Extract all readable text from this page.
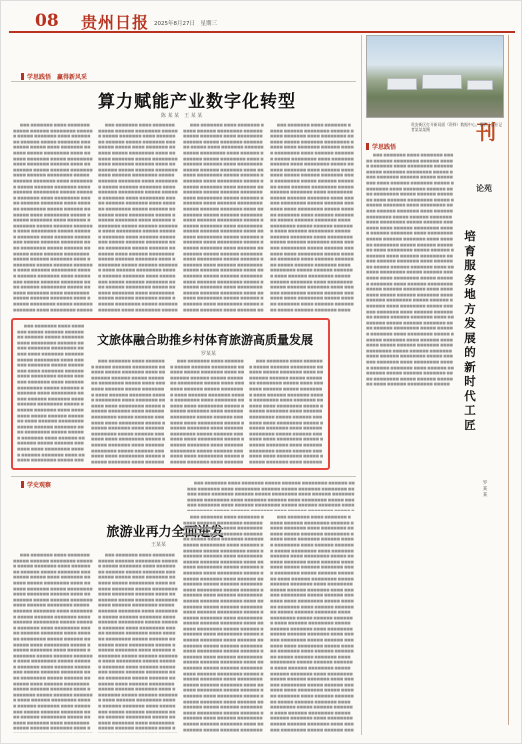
08 贵州日报 2025年8月27日　星期三
刊
学思践悟　赢得新风采
算力赋能产业数字化转型
陈 某 某　王 某 某
　　■■■ ■■■■■■■ ■■■■ ■■■■■■■ ■■■■■ ■■■■■■ ■■■■■■■■ ■■■■■■ ■■■■■ ■■■■■■■ ■■■■ ■■■■■■■■ ■■■■■■ ■■■■■ ■■■■■■■ ■■■■■■■■ ■■■■■ ■■■■ ■■■■■■■ ■■■■■■ ■■■■■ ■■■■■■■■ ■■■■ ■■■■■■ ■■■■■■■ ■■■■■ ■■■■■■■■ ■■■■ ■■■■■■■ ■■■■■■ ■■■■ ■■■■■■■■ ■■■■■ ■■■■■■ ■■■■■■■ ■■■■ ■■■■■■ ■■■■■■■■ ■■■■■ ■■■■■■ ■■■■■■■ ■■■■ ■■■■■■■■ ■■■■■ ■■■■■■ ■■■■■■■ ■■■■ ■■■■■■ ■■■■■■■■ ■■■■■ ■■■■■■ ■■■■■■■ ■■■■ ■■■■■■■■ ■■■■■ ■■■■■■ ■■■■■■■ ■■■■ ■■■■■■ ■■■■■■■■ ■■■■■ ■■■■■■ ■■■■■■■ ■■■■ ■■■■■■■■ ■■■■■ ■■■■■■ ■■■■■■■ ■■■■ ■■■■■■ ■■■■■■■■ ■■■■■ ■■■■■■ ■■■■■■■ ■■■■ ■■■■■■■■ ■■■■■ ■■■■■■ ■■■■■■■ ■■■■ ■■■■■■ ■■■■■■■■ ■■■■■ ■■■■■■ ■■■■■■■ ■■■■ ■■■■■■■■ ■■■■■ ■■■■■■ ■■■■■■■ ■■■■ ■■■■■■ ■■■■■■■■ ■■■■■ ■■■■■■ ■■■■■■■ ■■■■ ■■■■■■■■ ■■■■■ ■■■■■■ ■■■■■■■ ■■■■ ■■■■■■ ■■■■■■■■ ■■■■■ ■■■■■■ ■■■■■■■ ■■■■ ■■■■■■■■ ■■■■■ ■■■■■■ ■■■■■■■ ■■■■ ■■■■■■ ■■■■■■■■ ■■■■■ ■■■■■■ ■■■■■■■ ■■■■ ■■■■■■■■ ■■■■■ ■■■■■■ ■■■■■■■ ■■■■ ■■■■■■ ■■■■■■■■ ■■■■■ ■■■■■■ ■■■■■■■ ■■■■ ■■■■■■■■ ■■■■■ ■■■■■■ ■■■■■■■ ■■■■ ■■■■■■ ■■■■■■■■ ■■■■■ ■■■■■■ ■■■■■■■ ■■■■ ■■■■■■■■ ■■■■■ ■■■■■■ ■■■■■■■ ■■■■ ■■■■■■ ■■■■■■■■ ■■■■■ ■■■■■■ ■■■■■■■ ■■■■ ■■■■■■■■ ■■■■■ ■■■■■■ ■■■■■■■ ■■■■ ■■■■■■ ■■■■■■■■ ■■■■■ ■■■■■■ ■■■■■■■ ■■■■ ■■■■■■■■ ■■■■■ ■■■■■■ ■■■■■■■ ■■■■ ■■■■■■ ■■■■■■■■ ■■■■■ ■■■■■■ ■■■■■■■ ■■■■ ■■■■■■■■ ■■■■■ ■■■■■■ ■■■■■■■ ■■■■ ■■■■■■ ■■■■■■■■ ■■■■■
　　■■■ ■■■■■■■ ■■■■ ■■■■■■■ ■■■■■ ■■■■■■ ■■■■■■■■ ■■■■■■ ■■■■■ ■■■■■■■ ■■■■ ■■■■■■■■ ■■■■■■ ■■■■■ ■■■■■■■ ■■■■■■■■ ■■■■■ ■■■■ ■■■■■■■ ■■■■■■ ■■■■■ ■■■■■■■■ ■■■■ ■■■■■■ ■■■■■■■ ■■■■■ ■■■■■■■■ ■■■■ ■■■■■■■ ■■■■■■ ■■■■ ■■■■■■■■ ■■■■■ ■■■■■■ ■■■■■■■ ■■■■ ■■■■■■ ■■■■■■■■ ■■■■■ ■■■■■■ ■■■■■■■ ■■■■ ■■■■■■■■ ■■■■■ ■■■■■■ ■■■■■■■ ■■■■ ■■■■■■ ■■■■■■■■ ■■■■■ ■■■■■■ ■■■■■■■ ■■■■ ■■■■■■■■ ■■■■■ ■■■■■■ ■■■■■■■ ■■■■ ■■■■■■ ■■■■■■■■ ■■■■■ ■■■■■■ ■■■■■■■ ■■■■ ■■■■■■■■ ■■■■■ ■■■■■■ ■■■■■■■ ■■■■ ■■■■■■ ■■■■■■■■ ■■■■■ ■■■■■■ ■■■■■■■ ■■■■ ■■■■■■■■ ■■■■■ ■■■■■■ ■■■■■■■ ■■■■ ■■■■■■ ■■■■■■■■ ■■■■■ ■■■■■■ ■■■■■■■ ■■■■ ■■■■■■■■ ■■■■■ ■■■■■■ ■■■■■■■ ■■■■ ■■■■■■ ■■■■■■■■ ■■■■■ ■■■■■■ ■■■■■■■ ■■■■ ■■■■■■■■ ■■■■■ ■■■■■■ ■■■■■■■ ■■■■ ■■■■■■ ■■■■■■■■ ■■■■■ ■■■■■■ ■■■■■■■ ■■■■ ■■■■■■■■ ■■■■■ ■■■■■■ ■■■■■■■ ■■■■ ■■■■■■ ■■■■■■■■ ■■■■■ ■■■■■■ ■■■■■■■ ■■■■ ■■■■■■■■ ■■■■■ ■■■■■■ ■■■■■■■ ■■■■ ■■■■■■ ■■■■■■■■ ■■■■■ ■■■■■■ ■■■■■■■ ■■■■ ■■■■■■■■ ■■■■■ ■■■■■■ ■■■■■■■ ■■■■ ■■■■■■ ■■■■■■■■ ■■■■■ ■■■■■■ ■■■■■■■ ■■■■ ■■■■■■■■ ■■■■■ ■■■■■■ ■■■■■■■ ■■■■ ■■■■■■ ■■■■■■■■ ■■■■■ ■■■■■■ ■■■■■■■ ■■■■ ■■■■■■■■ ■■■■■ ■■■■■■ ■■■■■■■ ■■■■ ■■■■■■ ■■■■■■■■ ■■■■■ ■■■■■■ ■■■■■■■ ■■■■ ■■■■■■■■ ■■■■■ ■■■■■■ ■■■■■■■ ■■■■ ■■■■■■ ■■■■■■■■ ■■■■■ ■■■■■■ ■■■■■■■ ■■■■ ■■■■■■■■ ■■■■■ ■■■■■■ ■■■■■■■ ■■■■ ■■■■■■ ■■■■■■■■ ■■■■■
　　■■■ ■■■■■■■ ■■■■ ■■■■■■■ ■■■■■ ■■■■■■ ■■■■■■■■ ■■■■■■ ■■■■■ ■■■■■■■ ■■■■ ■■■■■■■■ ■■■■■■ ■■■■■ ■■■■■■■ ■■■■■■■■ ■■■■■ ■■■■ ■■■■■■■ ■■■■■■ ■■■■■ ■■■■■■■■ ■■■■ ■■■■■■ ■■■■■■■ ■■■■■ ■■■■■■■■ ■■■■ ■■■■■■■ ■■■■■■ ■■■■ ■■■■■■■■ ■■■■■ ■■■■■■ ■■■■■■■ ■■■■ ■■■■■■ ■■■■■■■■ ■■■■■ ■■■■■■ ■■■■■■■ ■■■■ ■■■■■■■■ ■■■■■ ■■■■■■ ■■■■■■■ ■■■■ ■■■■■■ ■■■■■■■■ ■■■■■ ■■■■■■ ■■■■■■■ ■■■■ ■■■■■■■■ ■■■■■ ■■■■■■ ■■■■■■■ ■■■■ ■■■■■■ ■■■■■■■■ ■■■■■ ■■■■■■ ■■■■■■■ ■■■■ ■■■■■■■■ ■■■■■ ■■■■■■ ■■■■■■■ ■■■■ ■■■■■■ ■■■■■■■■ ■■■■■ ■■■■■■ ■■■■■■■ ■■■■ ■■■■■■■■ ■■■■■ ■■■■■■ ■■■■■■■ ■■■■ ■■■■■■ ■■■■■■■■ ■■■■■ ■■■■■■ ■■■■■■■ ■■■■ ■■■■■■■■ ■■■■■ ■■■■■■ ■■■■■■■ ■■■■ ■■■■■■ ■■■■■■■■ ■■■■■ ■■■■■■ ■■■■■■■ ■■■■ ■■■■■■■■ ■■■■■ ■■■■■■ ■■■■■■■ ■■■■ ■■■■■■ ■■■■■■■■ ■■■■■ ■■■■■■ ■■■■■■■ ■■■■ ■■■■■■■■ ■■■■■ ■■■■■■ ■■■■■■■ ■■■■ ■■■■■■ ■■■■■■■■ ■■■■■ ■■■■■■ ■■■■■■■ ■■■■ ■■■■■■■■ ■■■■■ ■■■■■■ ■■■■■■■ ■■■■ ■■■■■■ ■■■■■■■■ ■■■■■ ■■■■■■ ■■■■■■■ ■■■■ ■■■■■■■■ ■■■■■ ■■■■■■ ■■■■■■■ ■■■■ ■■■■■■ ■■■■■■■■ ■■■■■ ■■■■■■ ■■■■■■■ ■■■■ ■■■■■■■■ ■■■■■ ■■■■■■ ■■■■■■■ ■■■■ ■■■■■■ ■■■■■■■■ ■■■■■ ■■■■■■ ■■■■■■■ ■■■■ ■■■■■■■■ ■■■■■ ■■■■■■ ■■■■■■■ ■■■■ ■■■■■■ ■■■■■■■■ ■■■■■ ■■■■■■ ■■■■■■■ ■■■■ ■■■■■■■■ ■■■■■ ■■■■■■ ■■■■■■■ ■■■■ ■■■■■■ ■■■■■■■■ ■■■■■ ■■■■■■ ■■■■■■■ ■■■■ ■■■■■■■■ ■■■■■ ■■■■■■ ■■■■■■■ ■■■■ ■■■■■■ ■■■■■■■■ ■■■■■
　　■■■ ■■■■■■■ ■■■■ ■■■■■■■ ■■■■■ ■■■■■■ ■■■■■■■■ ■■■■■■ ■■■■■ ■■■■■■■ ■■■■ ■■■■■■■■ ■■■■■■ ■■■■■ ■■■■■■■ ■■■■■■■■ ■■■■■ ■■■■ ■■■■■■■ ■■■■■■ ■■■■■ ■■■■■■■■ ■■■■ ■■■■■■ ■■■■■■■ ■■■■■ ■■■■■■■■ ■■■■ ■■■■■■■ ■■■■■■ ■■■■ ■■■■■■■■ ■■■■■ ■■■■■■ ■■■■■■■ ■■■■ ■■■■■■ ■■■■■■■■ ■■■■■ ■■■■■■ ■■■■■■■ ■■■■ ■■■■■■■■ ■■■■■ ■■■■■■ ■■■■■■■ ■■■■ ■■■■■■ ■■■■■■■■ ■■■■■ ■■■■■■ ■■■■■■■ ■■■■ ■■■■■■■■ ■■■■■ ■■■■■■ ■■■■■■■ ■■■■ ■■■■■■ ■■■■■■■■ ■■■■■ ■■■■■■ ■■■■■■■ ■■■■ ■■■■■■■■ ■■■■■ ■■■■■■ ■■■■■■■ ■■■■ ■■■■■■ ■■■■■■■■ ■■■■■ ■■■■■■ ■■■■■■■ ■■■■ ■■■■■■■■ ■■■■■ ■■■■■■ ■■■■■■■ ■■■■ ■■■■■■ ■■■■■■■■ ■■■■■ ■■■■■■ ■■■■■■■ ■■■■ ■■■■■■■■ ■■■■■ ■■■■■■ ■■■■■■■ ■■■■ ■■■■■■ ■■■■■■■■ ■■■■■ ■■■■■■ ■■■■■■■ ■■■■ ■■■■■■■■ ■■■■■ ■■■■■■ ■■■■■■■ ■■■■ ■■■■■■ ■■■■■■■■ ■■■■■ ■■■■■■ ■■■■■■■ ■■■■ ■■■■■■■■ ■■■■■ ■■■■■■ ■■■■■■■ ■■■■ ■■■■■■ ■■■■■■■■ ■■■■■ ■■■■■■ ■■■■■■■ ■■■■ ■■■■■■■■ ■■■■■ ■■■■■■ ■■■■■■■ ■■■■ ■■■■■■ ■■■■■■■■ ■■■■■ ■■■■■■ ■■■■■■■ ■■■■ ■■■■■■■■ ■■■■■ ■■■■■■ ■■■■■■■ ■■■■ ■■■■■■ ■■■■■■■■ ■■■■■ ■■■■■■ ■■■■■■■ ■■■■ ■■■■■■■■ ■■■■■ ■■■■■■ ■■■■■■■ ■■■■ ■■■■■■ ■■■■■■■■ ■■■■■ ■■■■■■ ■■■■■■■ ■■■■ ■■■■■■■■ ■■■■■ ■■■■■■ ■■■■■■■ ■■■■ ■■■■■■ ■■■■■■■■ ■■■■■ ■■■■■■ ■■■■■■■ ■■■■ ■■■■■■■■ ■■■■■ ■■■■■■ ■■■■■■■ ■■■■ ■■■■■■ ■■■■■■■■ ■■■■■ ■■■■■■ ■■■■■■■ ■■■■ ■■■■■■■■ ■■■■■ ■■■■■■ ■■■■■■■ ■■■■ ■■■■■■ ■■■■■■■■ ■■■■■
贵安新区打开新局面（资料）数据中心。摄影日报社记者某某某摄
学思践悟
　　■■■ ■■■■■■■ ■■■■ ■■■■■■■ ■■■■■ ■■■■■■ ■■■■■■■■ ■■■■■■ ■■■■■ ■■■■■■■ ■■■■ ■■■■■■■■ ■■■■■■ ■■■■■ ■■■■■■■ ■■■■■■■■ ■■■■■ ■■■■ ■■■■■■■ ■■■■■■ ■■■■■ ■■■■■■■■ ■■■■ ■■■■■■ ■■■■■■■ ■■■■■ ■■■■■■■■ ■■■■ ■■■■■■■ ■■■■■■ ■■■■ ■■■■■■■■ ■■■■■ ■■■■■■ ■■■■■■■ ■■■■ ■■■■■■ ■■■■■■■■ ■■■■■ ■■■■■■ ■■■■■■■ ■■■■ ■■■■■■■■ ■■■■■ ■■■■■■ ■■■■■■■ ■■■■ ■■■■■■ ■■■■■■■■ ■■■■■ ■■■■■■ ■■■■■■■ ■■■■ ■■■■■■■■ ■■■■■ ■■■■■■ ■■■■■■■ ■■■■ ■■■■■■ ■■■■■■■■ ■■■■■ ■■■■■■ ■■■■■■■ ■■■■ ■■■■■■■■ ■■■■■ ■■■■■■ ■■■■■■■ ■■■■ ■■■■■■ ■■■■■■■■ ■■■■■ ■■■■■■ ■■■■■■■ ■■■■ ■■■■■■■■ ■■■■■ ■■■■■■ ■■■■■■■ ■■■■ ■■■■■■ ■■■■■■■■ ■■■■■ ■■■■■■ ■■■■■■■ ■■■■ ■■■■■■■■ ■■■■■ ■■■■■■ ■■■■■■■ ■■■■ ■■■■■■ ■■■■■■■■ ■■■■■ ■■■■■■ ■■■■■■■ ■■■■ ■■■■■■■■ ■■■■■ ■■■■■■ ■■■■■■■ ■■■■ ■■■■■■ ■■■■■■■■ ■■■■■ ■■■■■■ ■■■■■■■ ■■■■ ■■■■■■■■ ■■■■■ ■■■■■■ ■■■■■■■ ■■■■ ■■■■■■ ■■■■■■■■ ■■■■■ ■■■■■■ ■■■■■■■ ■■■■ ■■■■■■■■ ■■■■■ ■■■■■■ ■■■■■■■ ■■■■ ■■■■■■ ■■■■■■■■ ■■■■■ ■■■■■■ ■■■■■■■ ■■■■ ■■■■■■■■ ■■■■■ ■■■■■■ ■■■■■■■ ■■■■ ■■■■■■ ■■■■■■■■ ■■■■■ ■■■■■■ ■■■■■■■ ■■■■ ■■■■■■■■ ■■■■■ ■■■■■■ ■■■■■■■ ■■■■ ■■■■■■ ■■■■■■■■ ■■■■■ ■■■■■■ ■■■■■■■ ■■■■ ■■■■■■■■ ■■■■■ ■■■■■■ ■■■■■■■ ■■■■ ■■■■■■ ■■■■■■■■ ■■■■■ ■■■■■■ ■■■■■■■ ■■■■ ■■■■■■■■ ■■■■■ ■■■■■■ ■■■■■■■ ■■■■ ■■■■■■ ■■■■■■■■ ■■■■■ ■■■■■■ ■■■■■■■ ■■■■ ■■■■■■■■ ■■■■■ ■■■■■■ ■■■■■■■ ■■■■ ■■■■■■ ■■■■■■■■ ■■■■■
论苑
培
育
服
务
地
方
发
展
的
新
时
代
工
匠
罗
某
某
　　■■■ ■■■■■■■ ■■■■ ■■■■■■■ ■■■■■ ■■■■■■ ■■■■■■■■ ■■■■■■ ■■■■■ ■■■■■■■ ■■■■ ■■■■■■■■ ■■■■■■ ■■■■■ ■■■■■■■ ■■■■■■■■ ■■■■■ ■■■■ ■■■■■■■ ■■■■■■ ■■■■■ ■■■■■■■■ ■■■■ ■■■■■■ ■■■■■■■ ■■■■■ ■■■■■■■■ ■■■■ ■■■■■■■ ■■■■■■ ■■■■ ■■■■■■■■ ■■■■■ ■■■■■■ ■■■■■■■ ■■■■ ■■■■■■ ■■■■■■■■ ■■■■■ ■■■■■■ ■■■■■■■ ■■■■ ■■■■■■■■ ■■■■■ ■■■■■■ ■■■■■■■ ■■■■ ■■■■■■ ■■■■■■■■ ■■■■■ ■■■■■■ ■■■■■■■ ■■■■ ■■■■■■■■ ■■■■■ ■■■■■■ ■■■■■■■ ■■■■ ■■■■■■ ■■■■■■■■ ■■■■■ ■■■■■■ ■■■■■■■ ■■■■ ■■■■■■■■ ■■■■■ ■■■■■■ ■■■■■■■ ■■■■ ■■■■■■ ■■■■■■■■ ■■■■■ ■■■■■■ ■■■■■■■ ■■■■ ■■■■■■■■ ■■■■■ ■■■■■■ ■■■■■■■ ■■■■ ■■■■■■ ■■■■■■■■ ■■■■■ ■■■■■■ ■■■■■■■ ■■■■ ■■■■■■■■ ■■■■■ ■■■■■■ ■■■■■■■ ■■■■ ■■■■■■ ■■■■■■■■ ■■■■■ ■■■■■■ ■■■■■■■ ■■■■ ■■■■■■■■ ■■■■■ ■■■■■■ ■■■■■■■ ■■■■ ■■■■■■ ■■■■■■■■ ■■■■■ ■■■■■■ ■■■■■■■ ■■■■ ■■■■■■■■ ■■■■■ ■■■■■■ ■■■■■■■ ■■■■ ■■■■■■ ■■■■■■■■ ■■■■■ ■■■■■■ ■■■■■■■ ■■■■ ■■■■■■■■ ■■■■■ ■■■■■■ ■■■■■■■ ■■■■ ■■■■■■ ■■■■■■■■ ■■■■■ ■■■■■■ ■■■■■■■ ■■■■ ■■■■■■■■ ■■■■■ ■■■■■■ ■■■■■■■ ■■■■ ■■■■■■ ■■■■■■■■ ■■■■■ ■■■■■■ ■■■■■■■ ■■■■ ■■■■■■■■ ■■■■■ ■■■■■■ ■■■■■■■ ■■■■ ■■■■■■ ■■■■■■■■ ■■■■■ ■■■■■■ ■■■■■■■ ■■■■ ■■■■■■■■ ■■■■■ ■■■■■■ ■■■■■■■ ■■■■ ■■■■■■ ■■■■■■■■ ■■■■■ ■■■■■■ ■■■■■■■ ■■■■ ■■■■■■■■ ■■■■■ ■■■■■■ ■■■■■■■ ■■■■ ■■■■■■ ■■■■■■■■ ■■■■■ ■■■■■■ ■■■■■■■ ■■■■ ■■■■■■■■ ■■■■■ ■■■■■■ ■■■■■■■ ■■■■ ■■■■■■ ■■■■■■■■ ■■■■■
文旅体融合助推乡村体育旅游高质量发展
罗某某
　　■■■ ■■■■■■■ ■■■■ ■■■■■■■ ■■■■■ ■■■■■■ ■■■■■■■■ ■■■■■■ ■■■■■ ■■■■■■■ ■■■■ ■■■■■■■■ ■■■■■■ ■■■■■ ■■■■■■■ ■■■■■■■■ ■■■■■ ■■■■ ■■■■■■■ ■■■■■■ ■■■■■ ■■■■■■■■ ■■■■ ■■■■■■ ■■■■■■■ ■■■■■ ■■■■■■■■ ■■■■ ■■■■■■■ ■■■■■■ ■■■■ ■■■■■■■■ ■■■■■ ■■■■■■ ■■■■■■■ ■■■■ ■■■■■■ ■■■■■■■■ ■■■■■ ■■■■■■ ■■■■■■■ ■■■■ ■■■■■■■■ ■■■■■ ■■■■■■ ■■■■■■■ ■■■■ ■■■■■■ ■■■■■■■■ ■■■■■ ■■■■■■ ■■■■■■■ ■■■■ ■■■■■■■■ ■■■■■ ■■■■■■ ■■■■■■■ ■■■■ ■■■■■■ ■■■■■■■■ ■■■■■ ■■■■■■ ■■■■■■■ ■■■■ ■■■■■■■■ ■■■■■ ■■■■■■ ■■■■■■■ ■■■■ ■■■■■■ ■■■■■■■■ ■■■■■ ■■■■■■ ■■■■■■■ ■■■■ ■■■■■■■■ ■■■■■ ■■■■■■ ■■■■■■■ ■■■■ ■■■■■■ ■■■■■■■■ ■■■■■ ■■■■■■ ■■■■■■■ ■■■■ ■■■■■■■■ ■■■■■ ■■■■■■ ■■■■■■■ ■■■■ ■■■■■■ ■■■■■■■■ ■■■■■ ■■■■■■ ■■■■■■■ ■■■■ ■■■■■■■■ ■■■■■ ■■■■■■ ■■■■■■■ ■■■■ ■■■■■■ ■■■■■■■■ ■■■■■ ■■■■■■ ■■■■■■■ ■■■■ ■■■■■■■■ ■■■■■ ■■■■■■ ■■■■■■■ ■■■■ ■■■■■■ ■■■■■■■■ ■■■■■ ■■■■■■ ■■■■■■■ ■■■■ ■■■■■■■■ ■■■■■ ■■■■■■ ■■■■■■■ ■■■■ ■■■■■■ ■■■■■■■■ ■■■■■ ■■■■■■ ■■■■■■■ ■■■■ ■■■■■■■■ ■■■■■ ■■■■■■ ■■■■■■■ ■■■■ ■■■■■■ ■■■■■■■■ ■■■■■ ■■■■■■ ■■■■■■■ ■■■■ ■■■■■■■■ ■■■■■ ■■■■■■ ■■■■■■■ ■■■■ ■■■■■■ ■■■■■■■■ ■■■■■ ■■■■■■ ■■■■■■■ ■■■■ ■■■■■■■■ ■■■■■ ■■■■■■ ■■■■■■■ ■■■■ ■■■■■■ ■■■■■■■■ ■■■■■ ■■■■■■ ■■■■■■■ ■■■■ ■■■■■■■■ ■■■■■ ■■■■■■ ■■■■■■■ ■■■■ ■■■■■■ ■■■■■■■■ ■■■■■ ■■■■■■ ■■■■■■■ ■■■■ ■■■■■■■■ ■■■■■ ■■■■■■ ■■■■■■■ ■■■■ ■■■■■■ ■■■■■■■■ ■■■■■
　　■■■ ■■■■■■■ ■■■■ ■■■■■■■ ■■■■■ ■■■■■■ ■■■■■■■■ ■■■■■■ ■■■■■ ■■■■■■■ ■■■■ ■■■■■■■■ ■■■■■■ ■■■■■ ■■■■■■■ ■■■■■■■■ ■■■■■ ■■■■ ■■■■■■■ ■■■■■■ ■■■■■ ■■■■■■■■ ■■■■ ■■■■■■ ■■■■■■■ ■■■■■ ■■■■■■■■ ■■■■ ■■■■■■■ ■■■■■■ ■■■■ ■■■■■■■■ ■■■■■ ■■■■■■ ■■■■■■■ ■■■■ ■■■■■■ ■■■■■■■■ ■■■■■ ■■■■■■ ■■■■■■■ ■■■■ ■■■■■■■■ ■■■■■ ■■■■■■ ■■■■■■■ ■■■■ ■■■■■■ ■■■■■■■■ ■■■■■ ■■■■■■ ■■■■■■■ ■■■■ ■■■■■■■■ ■■■■■ ■■■■■■ ■■■■■■■ ■■■■ ■■■■■■ ■■■■■■■■ ■■■■■ ■■■■■■ ■■■■■■■ ■■■■ ■■■■■■■■ ■■■■■ ■■■■■■ ■■■■■■■ ■■■■ ■■■■■■ ■■■■■■■■ ■■■■■ ■■■■■■ ■■■■■■■ ■■■■ ■■■■■■■■ ■■■■■ ■■■■■■ ■■■■■■■ ■■■■ ■■■■■■ ■■■■■■■■ ■■■■■ ■■■■■■ ■■■■■■■ ■■■■ ■■■■■■■■ ■■■■■ ■■■■■■ ■■■■■■■ ■■■■ ■■■■■■ ■■■■■■■■ ■■■■■ ■■■■■■ ■■■■■■■ ■■■■ ■■■■■■■■ ■■■■■ ■■■■■■ ■■■■■■■ ■■■■ ■■■■■■ ■■■■■■■■ ■■■■■ ■■■■■■ ■■■■■■■ ■■■■ ■■■■■■■■ ■■■■■ ■■■■■■ ■■■■■■■ ■■■■ ■■■■■■ ■■■■■■■■ ■■■■■ ■■■■■■ ■■■■■■■ ■■■■ ■■■■■■■■ ■■■■■ ■■■■■■ ■■■■■■■ ■■■■ ■■■■■■ ■■■■■■■■ ■■■■■ ■■■■■■ ■■■■■■■ ■■■■ ■■■■■■■■ ■■■■■ ■■■■■■ ■■■■■■■ ■■■■ ■■■■■■ ■■■■■■■■ ■■■■■ ■■■■■■ ■■■■■■■ ■■■■ ■■■■■■■■ ■■■■■ ■■■■■■ ■■■■■■■ ■■■■ ■■■■■■ ■■■■■■■■ ■■■■■ ■■■■■■ ■■■■■■■ ■■■■ ■■■■■■■■ ■■■■■ ■■■■■■ ■■■■■■■ ■■■■ ■■■■■■ ■■■■■■■■ ■■■■■ ■■■■■■ ■■■■■■■ ■■■■ ■■■■■■■■ ■■■■■ ■■■■■■ ■■■■■■■ ■■■■ ■■■■■■ ■■■■■■■■ ■■■■■ ■■■■■■ ■■■■■■■ ■■■■ ■■■■■■■■ ■■■■■ ■■■■■■ ■■■■■■■ ■■■■ ■■■■■■ ■■■■■■■■ ■■■■■
　　■■■ ■■■■■■■ ■■■■ ■■■■■■■ ■■■■■ ■■■■■■ ■■■■■■■■ ■■■■■■ ■■■■■ ■■■■■■■ ■■■■ ■■■■■■■■ ■■■■■■ ■■■■■ ■■■■■■■ ■■■■■■■■ ■■■■■ ■■■■ ■■■■■■■ ■■■■■■ ■■■■■ ■■■■■■■■ ■■■■ ■■■■■■ ■■■■■■■ ■■■■■ ■■■■■■■■ ■■■■ ■■■■■■■ ■■■■■■ ■■■■ ■■■■■■■■ ■■■■■ ■■■■■■ ■■■■■■■ ■■■■ ■■■■■■ ■■■■■■■■ ■■■■■ ■■■■■■ ■■■■■■■ ■■■■ ■■■■■■■■ ■■■■■ ■■■■■■ ■■■■■■■ ■■■■ ■■■■■■ ■■■■■■■■ ■■■■■ ■■■■■■ ■■■■■■■ ■■■■ ■■■■■■■■ ■■■■■ ■■■■■■ ■■■■■■■ ■■■■ ■■■■■■ ■■■■■■■■ ■■■■■ ■■■■■■ ■■■■■■■ ■■■■ ■■■■■■■■ ■■■■■ ■■■■■■ ■■■■■■■ ■■■■ ■■■■■■ ■■■■■■■■ ■■■■■ ■■■■■■ ■■■■■■■ ■■■■ ■■■■■■■■ ■■■■■ ■■■■■■ ■■■■■■■ ■■■■ ■■■■■■ ■■■■■■■■ ■■■■■ ■■■■■■ ■■■■■■■ ■■■■ ■■■■■■■■ ■■■■■ ■■■■■■ ■■■■■■■ ■■■■ ■■■■■■ ■■■■■■■■ ■■■■■ ■■■■■■ ■■■■■■■ ■■■■ ■■■■■■■■ ■■■■■ ■■■■■■ ■■■■■■■ ■■■■ ■■■■■■ ■■■■■■■■ ■■■■■ ■■■■■■ ■■■■■■■ ■■■■ ■■■■■■■■ ■■■■■ ■■■■■■ ■■■■■■■ ■■■■ ■■■■■■ ■■■■■■■■ ■■■■■ ■■■■■■ ■■■■■■■ ■■■■ ■■■■■■■■ ■■■■■ ■■■■■■ ■■■■■■■ ■■■■ ■■■■■■ ■■■■■■■■ ■■■■■ ■■■■■■ ■■■■■■■ ■■■■ ■■■■■■■■ ■■■■■ ■■■■■■ ■■■■■■■ ■■■■ ■■■■■■ ■■■■■■■■ ■■■■■ ■■■■■■ ■■■■■■■ ■■■■ ■■■■■■■■ ■■■■■ ■■■■■■ ■■■■■■■ ■■■■ ■■■■■■ ■■■■■■■■ ■■■■■ ■■■■■■ ■■■■■■■ ■■■■ ■■■■■■■■ ■■■■■ ■■■■■■ ■■■■■■■ ■■■■ ■■■■■■ ■■■■■■■■ ■■■■■ ■■■■■■ ■■■■■■■ ■■■■ ■■■■■■■■ ■■■■■ ■■■■■■ ■■■■■■■ ■■■■ ■■■■■■ ■■■■■■■■ ■■■■■ ■■■■■■ ■■■■■■■ ■■■■ ■■■■■■■■ ■■■■■ ■■■■■■ ■■■■■■■ ■■■■ ■■■■■■ ■■■■■■■■ ■■■■■
学史观察
　　■■■ ■■■■■■■ ■■■■ ■■■■■■■ ■■■■■ ■■■■■■ ■■■■■■■■ ■■■■■■ ■■■■■ ■■■■■■■ ■■■■ ■■■■■■■■ ■■■■■■ ■■■■■ ■■■■■■■ ■■■■■■■■ ■■■■■ ■■■■ ■■■■■■■ ■■■■■■ ■■■■■ ■■■■■■■■ ■■■■ ■■■■■■ ■■■■■■■ ■■■■■ ■■■■■■■■ ■■■■ ■■■■■■■ ■■■■■■ ■■■■ ■■■■■■■■ ■■■■■ ■■■■■■ ■■■■■■■ ■■■■ ■■■■■■ ■■■■■■■■ ■■■■■ ■■■■■■ ■■■■■■■ ■■■■ ■■■■■■■■ ■■■■■ ■■■■■■ ■■■■■■■ ■■■■ ■■■■■■ ■■■■■■■■ ■■■■■ ■■■■■■ ■■■■■■■ ■■■■ ■■■■■■■■ ■■■■■ ■■■■■■ ■■■■■■■ ■■■■ ■■■■■■ ■■■■■■■■ ■■■■■ ■■■■■■ ■■■■■■■ ■■■■ ■■■■■■■■ ■■■■■ ■■■■■■ ■■■■■■■ ■■■■ ■■■■■■ ■■■■■■■■ ■■■■■ ■■■■■■ ■■■■■■■ ■■■■ ■■■■■■■■ ■■■■■ ■■■■■■ ■■■■■■■ ■■■■ ■■■■■■ ■■■■■■■■ ■■■■■ ■■■■■■ ■■■■■■■ ■■■■ ■■■■■■■■ ■■■■■ ■■■■■■ ■■■■■■■ ■■■■ ■■■■■■ ■■■■■■■■ ■■■■■ ■■■■■■ ■■■■■■■ ■■■■ ■■■■■■■■ ■■■■■ ■■■■■■ ■■■■■■■ ■■■■ ■■■■■■ ■■■■■■■■ ■■■■■ ■■■■■■ ■■■■■■■ ■■■■ ■■■■■■■■ ■■■■■ ■■■■■■ ■■■■■■■ ■■■■ ■■■■■■ ■■■■■■■■ ■■■■■ ■■■■■■ ■■■■■■■ ■■■■ ■■■■■■■■ ■■■■■ ■■■■■■ ■■■■■■■ ■■■■ ■■■■■■ ■■■■■■■■ ■■■■■ ■■■■■■ ■■■■■■■ ■■■■ ■■■■■■■■ ■■■■■ ■■■■■■ ■■■■■■■ ■■■■ ■■■■■■ ■■■■■■■■ ■■■■■ ■■■■■■ ■■■■■■■ ■■■■ ■■■■■■■■ ■■■■■ ■■■■■■ ■■■■■■■ ■■■■ ■■■■■■ ■■■■■■■■ ■■■■■ ■■■■■■ ■■■■■■■ ■■■■ ■■■■■■■■ ■■■■■ ■■■■■■ ■■■■■■■ ■■■■ ■■■■■■ ■■■■■■■■ ■■■■■ ■■■■■■ ■■■■■■■ ■■■■ ■■■■■■■■ ■■■■■ ■■■■■■ ■■■■■■■ ■■■■ ■■■■■■ ■■■■■■■■ ■■■■■ ■■■■■■ ■■■■■■■ ■■■■ ■■■■■■■■ ■■■■■ ■■■■■■ ■■■■■■■ ■■■■ ■■■■■■ ■■■■■■■■ ■■■■■
旅游业再力全面进发
王某某
　　■■■ ■■■■■■■ ■■■■ ■■■■■■■ ■■■■■ ■■■■■■ ■■■■■■■■ ■■■■■■ ■■■■■ ■■■■■■■ ■■■■ ■■■■■■■■ ■■■■■■ ■■■■■ ■■■■■■■ ■■■■■■■■ ■■■■■ ■■■■ ■■■■■■■ ■■■■■■ ■■■■■ ■■■■■■■■ ■■■■ ■■■■■■ ■■■■■■■ ■■■■■ ■■■■■■■■ ■■■■ ■■■■■■■ ■■■■■■ ■■■■ ■■■■■■■■ ■■■■■ ■■■■■■ ■■■■■■■ ■■■■ ■■■■■■ ■■■■■■■■ ■■■■■ ■■■■■■ ■■■■■■■ ■■■■ ■■■■■■■■ ■■■■■ ■■■■■■ ■■■■■■■ ■■■■ ■■■■■■ ■■■■■■■■ ■■■■■ ■■■■■■ ■■■■■■■ ■■■■ ■■■■■■■■ ■■■■■ ■■■■■■ ■■■■■■■ ■■■■ ■■■■■■ ■■■■■■■■ ■■■■■ ■■■■■■ ■■■■■■■ ■■■■ ■■■■■■■■ ■■■■■ ■■■■■■ ■■■■■■■ ■■■■ ■■■■■■ ■■■■■■■■ ■■■■■ ■■■■■■ ■■■■■■■ ■■■■ ■■■■■■■■ ■■■■■ ■■■■■■ ■■■■■■■ ■■■■ ■■■■■■ ■■■■■■■■ ■■■■■ ■■■■■■ ■■■■■■■ ■■■■ ■■■■■■■■ ■■■■■ ■■■■■■ ■■■■■■■ ■■■■ ■■■■■■ ■■■■■■■■ ■■■■■ ■■■■■■ ■■■■■■■ ■■■■ ■■■■■■■■ ■■■■■ ■■■■■■ ■■■■■■■ ■■■■ ■■■■■■ ■■■■■■■■ ■■■■■ ■■■■■■ ■■■■■■■ ■■■■ ■■■■■■■■ ■■■■■ ■■■■■■ ■■■■■■■ ■■■■ ■■■■■■ ■■■■■■■■ ■■■■■ ■■■■■■ ■■■■■■■ ■■■■ ■■■■■■■■ ■■■■■ ■■■■■■ ■■■■■■■ ■■■■ ■■■■■■ ■■■■■■■■ ■■■■■ ■■■■■■ ■■■■■■■ ■■■■ ■■■■■■■■ ■■■■■ ■■■■■■ ■■■■■■■ ■■■■ ■■■■■■ ■■■■■■■■ ■■■■■ ■■■■■■ ■■■■■■■ ■■■■ ■■■■■■■■ ■■■■■ ■■■■■■ ■■■■■■■ ■■■■ ■■■■■■ ■■■■■■■■ ■■■■■ ■■■■■■ ■■■■■■■ ■■■■ ■■■■■■■■ ■■■■■ ■■■■■■ ■■■■■■■ ■■■■ ■■■■■■ ■■■■■■■■ ■■■■■ ■■■■■■ ■■■■■■■ ■■■■ ■■■■■■■■ ■■■■■ ■■■■■■ ■■■■■■■ ■■■■ ■■■■■■ ■■■■■■■■ ■■■■■ ■■■■■■ ■■■■■■■ ■■■■ ■■■■■■■■ ■■■■■ ■■■■■■ ■■■■■■■ ■■■■ ■■■■■■ ■■■■■■■■ ■■■■■
　　■■■ ■■■■■■■ ■■■■ ■■■■■■■ ■■■■■ ■■■■■■ ■■■■■■■■ ■■■■■■ ■■■■■ ■■■■■■■ ■■■■ ■■■■■■■■ ■■■■■■ ■■■■■ ■■■■■■■ ■■■■■■■■ ■■■■■ ■■■■ ■■■■■■■ ■■■■■■ ■■■■■ ■■■■■■■■ ■■■■ ■■■■■■ ■■■■■■■ ■■■■■ ■■■■■■■■ ■■■■ ■■■■■■■ ■■■■■■ ■■■■ ■■■■■■■■ ■■■■■ ■■■■■■ ■■■■■■■ ■■■■ ■■■■■■ ■■■■■■■■ ■■■■■ ■■■■■■ ■■■■■■■ ■■■■ ■■■■■■■■ ■■■■■ ■■■■■■ ■■■■■■■ ■■■■ ■■■■■■ ■■■■■■■■ ■■■■■ ■■■■■■ ■■■■■■■ ■■■■ ■■■■■■■■ ■■■■■ ■■■■■■ ■■■■■■■ ■■■■ ■■■■■■ ■■■■■■■■ ■■■■■ ■■■■■■ ■■■■■■■ ■■■■ ■■■■■■■■ ■■■■■ ■■■■■■ ■■■■■■■ ■■■■ ■■■■■■ ■■■■■■■■ ■■■■■ ■■■■■■ ■■■■■■■ ■■■■ ■■■■■■■■ ■■■■■ ■■■■■■ ■■■■■■■ ■■■■ ■■■■■■ ■■■■■■■■ ■■■■■ ■■■■■■ ■■■■■■■ ■■■■ ■■■■■■■■ ■■■■■ ■■■■■■ ■■■■■■■ ■■■■ ■■■■■■ ■■■■■■■■ ■■■■■ ■■■■■■ ■■■■■■■ ■■■■ ■■■■■■■■ ■■■■■ ■■■■■■ ■■■■■■■ ■■■■ ■■■■■■ ■■■■■■■■ ■■■■■ ■■■■■■ ■■■■■■■ ■■■■ ■■■■■■■■ ■■■■■ ■■■■■■ ■■■■■■■ ■■■■ ■■■■■■ ■■■■■■■■ ■■■■■ ■■■■■■ ■■■■■■■ ■■■■ ■■■■■■■■ ■■■■■ ■■■■■■ ■■■■■■■ ■■■■ ■■■■■■ ■■■■■■■■ ■■■■■ ■■■■■■ ■■■■■■■ ■■■■ ■■■■■■■■ ■■■■■ ■■■■■■ ■■■■■■■ ■■■■ ■■■■■■ ■■■■■■■■ ■■■■■ ■■■■■■ ■■■■■■■ ■■■■ ■■■■■■■■ ■■■■■ ■■■■■■ ■■■■■■■ ■■■■ ■■■■■■ ■■■■■■■■ ■■■■■ ■■■■■■ ■■■■■■■ ■■■■ ■■■■■■■■ ■■■■■ ■■■■■■ ■■■■■■■ ■■■■ ■■■■■■ ■■■■■■■■ ■■■■■ ■■■■■■ ■■■■■■■ ■■■■ ■■■■■■■■ ■■■■■ ■■■■■■ ■■■■■■■ ■■■■ ■■■■■■ ■■■■■■■■ ■■■■■ ■■■■■■ ■■■■■■■ ■■■■ ■■■■■■■■ ■■■■■ ■■■■■■ ■■■■■■■ ■■■■ ■■■■■■ ■■■■■■■■ ■■■■■
　　■■■ ■■■■■■■ ■■■■ ■■■■■■■ ■■■■■ ■■■■■■ ■■■■■■■■ ■■■■■■ ■■■■■ ■■■■■■■ ■■■■ ■■■■■■■■ ■■■■■■ ■■■■■ ■■■■■■■ ■■■■■■■■ ■■■■■ ■■■■ ■■■■■■■ ■■■■■■ ■■■■■ ■■■■■■■■ ■■■■ ■■■■■■ ■■■■■■■ ■■■■■ ■■■■■■■■ ■■■■ ■■■■■■■ ■■■■■■ ■■■■ ■■■■■■■■ ■■■■■ ■■■■■■ ■■■■■■■ ■■■■ ■■■■■■ ■■■■■■■■ ■■■■■ ■■■■■■ ■■■■■■■ ■■■■ ■■■■■■■■ ■■■■■ ■■■■■■ ■■■■■■■ ■■■■ ■■■■■■ ■■■■■■■■ ■■■■■ ■■■■■■ ■■■■■■■ ■■■■ ■■■■■■■■ ■■■■■ ■■■■■■ ■■■■■■■ ■■■■ ■■■■■■ ■■■■■■■■ ■■■■■ ■■■■■■ ■■■■■■■ ■■■■ ■■■■■■■■ ■■■■■ ■■■■■■ ■■■■■■■ ■■■■ ■■■■■■ ■■■■■■■■ ■■■■■ ■■■■■■ ■■■■■■■ ■■■■ ■■■■■■■■ ■■■■■ ■■■■■■ ■■■■■■■ ■■■■ ■■■■■■ ■■■■■■■■ ■■■■■ ■■■■■■ ■■■■■■■ ■■■■ ■■■■■■■■ ■■■■■ ■■■■■■ ■■■■■■■ ■■■■ ■■■■■■ ■■■■■■■■ ■■■■■ ■■■■■■ ■■■■■■■ ■■■■ ■■■■■■■■ ■■■■■ ■■■■■■ ■■■■■■■ ■■■■ ■■■■■■ ■■■■■■■■ ■■■■■ ■■■■■■ ■■■■■■■ ■■■■ ■■■■■■■■ ■■■■■ ■■■■■■ ■■■■■■■ ■■■■ ■■■■■■ ■■■■■■■■ ■■■■■ ■■■■■■ ■■■■■■■ ■■■■ ■■■■■■■■ ■■■■■ ■■■■■■ ■■■■■■■ ■■■■ ■■■■■■ ■■■■■■■■ ■■■■■ ■■■■■■ ■■■■■■■ ■■■■ ■■■■■■■■ ■■■■■ ■■■■■■ ■■■■■■■ ■■■■ ■■■■■■ ■■■■■■■■ ■■■■■ ■■■■■■ ■■■■■■■ ■■■■ ■■■■■■■■ ■■■■■ ■■■■■■ ■■■■■■■ ■■■■ ■■■■■■ ■■■■■■■■ ■■■■■ ■■■■■■ ■■■■■■■ ■■■■ ■■■■■■■■ ■■■■■ ■■■■■■ ■■■■■■■ ■■■■ ■■■■■■ ■■■■■■■■ ■■■■■ ■■■■■■ ■■■■■■■ ■■■■ ■■■■■■■■ ■■■■■ ■■■■■■ ■■■■■■■ ■■■■ ■■■■■■ ■■■■■■■■ ■■■■■ ■■■■■■ ■■■■■■■ ■■■■ ■■■■■■■■ ■■■■■ ■■■■■■ ■■■■■■■ ■■■■ ■■■■■■ ■■■■■■■■ ■■■■■
　　■■■ ■■■■■■■ ■■■■ ■■■■■■■ ■■■■■ ■■■■■■ ■■■■■■■■ ■■■■■■ ■■■■■ ■■■■■■■ ■■■■ ■■■■■■■■ ■■■■■■ ■■■■■ ■■■■■■■ ■■■■■■■■ ■■■■■ ■■■■ ■■■■■■■ ■■■■■■ ■■■■■ ■■■■■■■■ ■■■■ ■■■■■■ ■■■■■■■ ■■■■■ ■■■■■■■■ ■■■■ ■■■■■■■ ■■■■■■ ■■■■ ■■■■■■■■ ■■■■■ ■■■■■■ ■■■■■■■ ■■■■ ■■■■■■ ■■■■■■■■ ■■■■■ ■■■■■■ ■■■■■■■ ■■■■ ■■■■■■■■ ■■■■■ ■■■■■■ ■■■■■■■ ■■■■ ■■■■■■ ■■■■■■■■ ■■■■■ ■■■■■■ ■■■■■■■ ■■■■ ■■■■■■■■ ■■■■■ ■■■■■■ ■■■■■■■ ■■■■ ■■■■■■ ■■■■■■■■ ■■■■■ ■■■■■■ ■■■■■■■ ■■■■ ■■■■■■■■ ■■■■■ ■■■■■■ ■■■■■■■ ■■■■ ■■■■■■ ■■■■■■■■ ■■■■■ ■■■■■■ ■■■■■■■ ■■■■ ■■■■■■■■ ■■■■■ ■■■■■■ ■■■■■■■ ■■■■ ■■■■■■ ■■■■■■■■ ■■■■■ ■■■■■■ ■■■■■■■ ■■■■ ■■■■■■■■ ■■■■■ ■■■■■■ ■■■■■■■ ■■■■ ■■■■■■ ■■■■■■■■ ■■■■■ ■■■■■■ ■■■■■■■ ■■■■ ■■■■■■■■ ■■■■■ ■■■■■■ ■■■■■■■ ■■■■ ■■■■■■ ■■■■■■■■ ■■■■■ ■■■■■■ ■■■■■■■ ■■■■ ■■■■■■■■ ■■■■■ ■■■■■■ ■■■■■■■ ■■■■ ■■■■■■ ■■■■■■■■ ■■■■■ ■■■■■■ ■■■■■■■ ■■■■ ■■■■■■■■ ■■■■■ ■■■■■■ ■■■■■■■ ■■■■ ■■■■■■ ■■■■■■■■ ■■■■■ ■■■■■■ ■■■■■■■ ■■■■ ■■■■■■■■ ■■■■■ ■■■■■■ ■■■■■■■ ■■■■ ■■■■■■ ■■■■■■■■ ■■■■■ ■■■■■■ ■■■■■■■ ■■■■ ■■■■■■■■ ■■■■■ ■■■■■■ ■■■■■■■ ■■■■ ■■■■■■ ■■■■■■■■ ■■■■■ ■■■■■■ ■■■■■■■ ■■■■ ■■■■■■■■ ■■■■■ ■■■■■■ ■■■■■■■ ■■■■ ■■■■■■ ■■■■■■■■ ■■■■■ ■■■■■■ ■■■■■■■ ■■■■ ■■■■■■■■ ■■■■■ ■■■■■■ ■■■■■■■ ■■■■ ■■■■■■ ■■■■■■■■ ■■■■■ ■■■■■■ ■■■■■■■ ■■■■ ■■■■■■■■ ■■■■■ ■■■■■■ ■■■■■■■ ■■■■ ■■■■■■ ■■■■■■■■ ■■■■■
